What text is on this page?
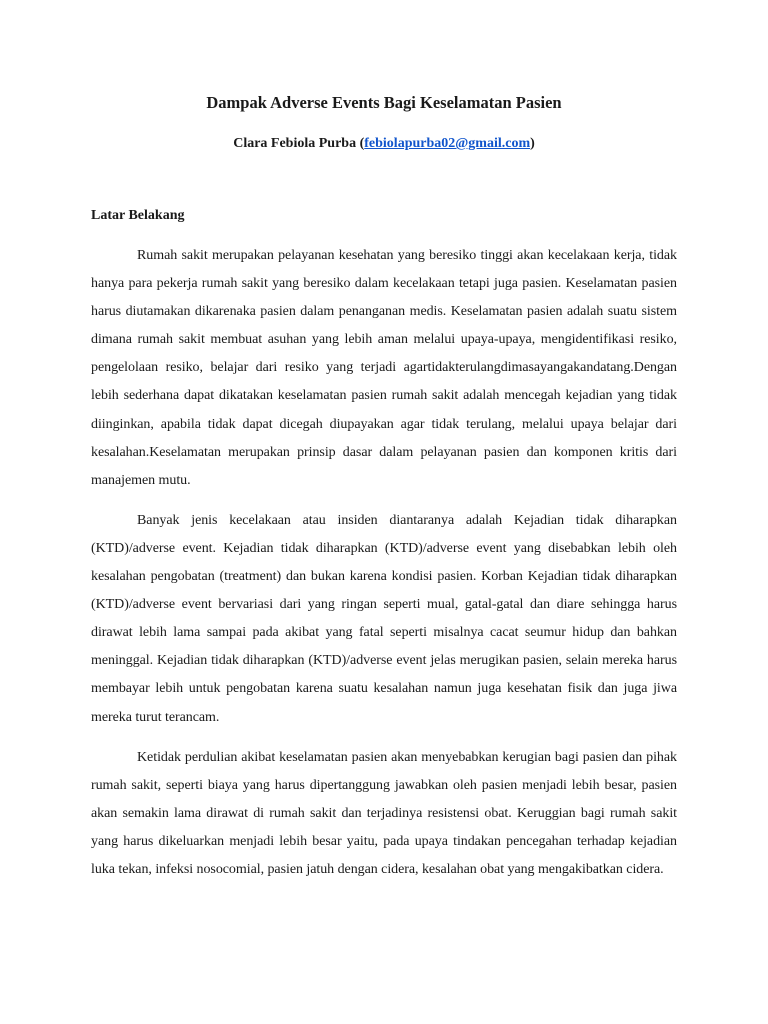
Dampak Adverse Events Bagi Keselamatan Pasien

Clara Febiola Purba (febiolapurba02@gmail.com)

Latar Belakang

Rumah sakit merupakan pelayanan kesehatan yang beresiko tinggi akan kecelakaan kerja, tidak hanya para pekerja rumah sakit yang beresiko dalam kecelakaan tetapi juga pasien. Keselamatan pasien harus diutamakan dikarenaka pasien dalam penanganan medis. Keselamatan pasien adalah suatu sistem dimana rumah sakit membuat asuhan yang lebih aman melalui upaya-upaya, mengidentifikasi resiko, pengelolaan resiko, belajar dari resiko yang terjadi agartidakterulangdimasayangakandatang.Dengan lebih sederhana dapat dikatakan keselamatan pasien rumah sakit adalah mencegah kejadian yang tidak diinginkan, apabila tidak dapat dicegah diupayakan agar tidak terulang, melalui upaya belajar dari kesalahan.Keselamatan merupakan prinsip dasar dalam pelayanan pasien dan komponen kritis dari manajemen mutu.

Banyak jenis kecelakaan atau insiden diantaranya adalah Kejadian tidak diharapkan (KTD)/adverse event. Kejadian tidak diharapkan (KTD)/adverse event yang disebabkan lebih oleh kesalahan pengobatan (treatment) dan bukan karena kondisi pasien. Korban Kejadian tidak diharapkan (KTD)/adverse event bervariasi dari yang ringan seperti mual, gatal-gatal dan diare sehingga harus dirawat lebih lama sampai pada akibat yang fatal seperti misalnya cacat seumur hidup dan bahkan meninggal. Kejadian tidak diharapkan (KTD)/adverse event jelas merugikan pasien, selain mereka harus membayar lebih untuk pengobatan karena suatu kesalahan namun juga kesehatan fisik dan juga jiwa mereka turut terancam.

Ketidak perdulian akibat keselamatan pasien akan menyebabkan kerugian bagi pasien dan pihak rumah sakit, seperti biaya yang harus dipertanggung jawabkan oleh pasien menjadi lebih besar, pasien akan semakin lama dirawat di rumah sakit dan terjadinya resistensi obat. Keruggian bagi rumah sakit yang harus dikeluarkan menjadi lebih besar yaitu, pada upaya tindakan pencegahan terhadap kejadian luka tekan, infeksi nosocomial, pasien jatuh dengan cidera, kesalahan obat yang mengakibatkan cidera.
